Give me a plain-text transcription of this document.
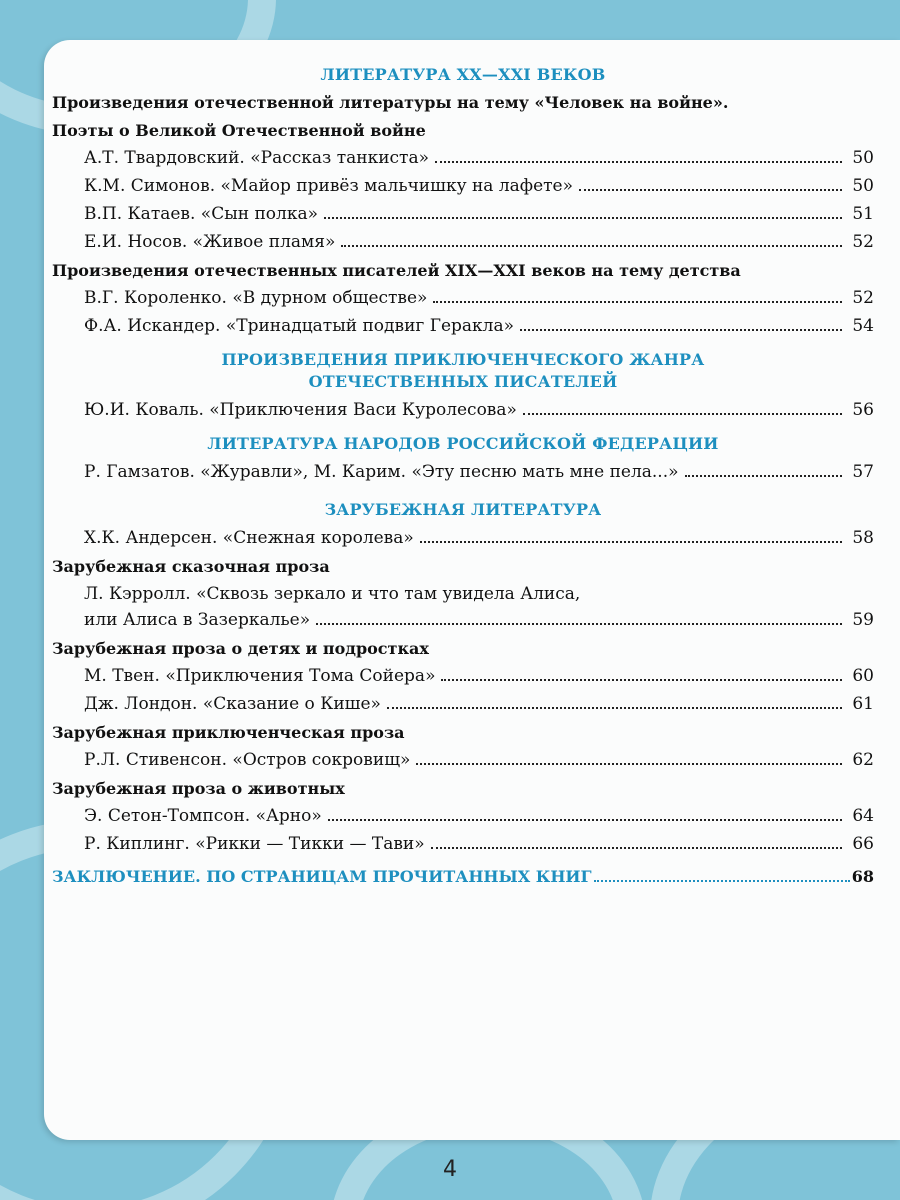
ЛИТЕРАТУРА XX—XXI ВЕКОВ
Произведения отечественной литературы на тему «Человек на войне».
Поэты о Великой Отечественной войне
А.Т. Твардовский. «Рассказ танкиста»	50
К.М. Симонов. «Майор привёз мальчишку на лафете»	50
В.П. Катаев. «Сын полка»	51
Е.И. Носов. «Живое пламя»	52
Произведения отечественных писателей XIX—XXI веков на тему детства
В.Г. Короленко. «В дурном обществе»	52
Ф.А. Искандер. «Тринадцатый подвиг Геракла»	54
ПРОИЗВЕДЕНИЯ ПРИКЛЮЧЕНЧЕСКОГО ЖАНРА
ОТЕЧЕСТВЕННЫХ ПИСАТЕЛЕЙ
Ю.И. Коваль. «Приключения Васи Куролесова»	56
ЛИТЕРАТУРА НАРОДОВ РОССИЙСКОЙ ФЕДЕРАЦИИ
Р. Гамзатов. «Журавли», М. Карим. «Эту песню мать мне пела...»	57
ЗАРУБЕЖНАЯ ЛИТЕРАТУРА
Х.К. Андерсен. «Снежная королева»	58
Зарубежная сказочная проза
Л. Кэрролл. «Сквозь зеркало и что там увидела Алиса,
или Алиса в Зазеркалье»	59
Зарубежная проза о детях и подростках
М. Твен. «Приключения Тома Сойера»	60
Дж. Лондон. «Сказание о Кише»	61
Зарубежная приключенческая проза
Р.Л. Стивенсон. «Остров сокровищ»	62
Зарубежная проза о животных
Э. Сетон-Томпсон. «Арно»	64
Р. Киплинг. «Рикки — Тикки — Тави»	66
ЗАКЛЮЧЕНИЕ. ПО СТРАНИЦАМ ПРОЧИТАННЫХ КНИГ	68
4
